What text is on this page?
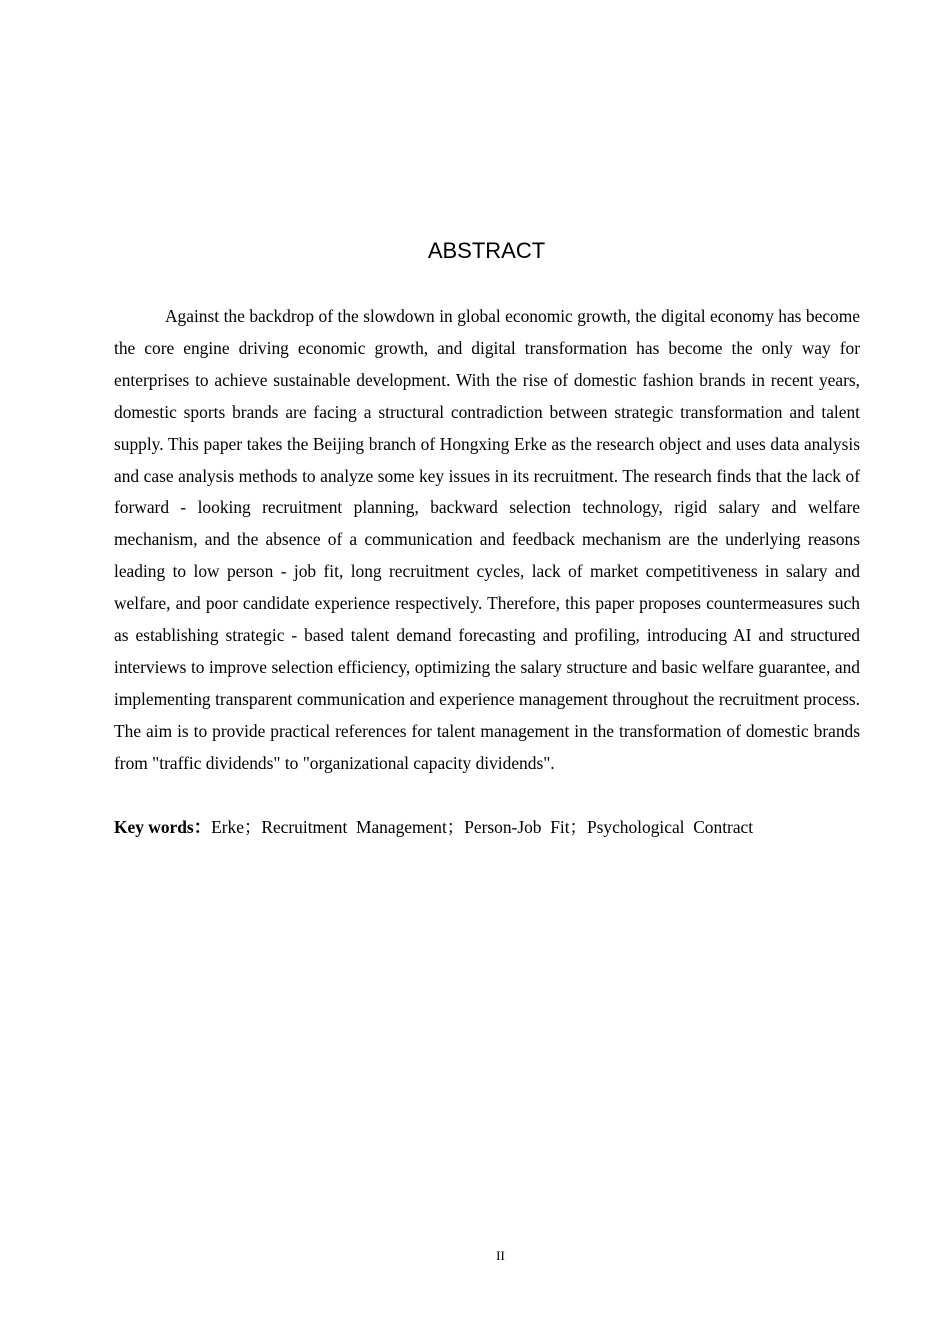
ABSTRACT

Against the backdrop of the slowdown in global economic growth, the digital economy has become the core engine driving economic growth, and digital transformation has become the only way for enterprises to achieve sustainable development. With the rise of domestic fashion brands in recent years, domestic sports brands are facing a structural contradiction between strategic transformation and talent supply. This paper takes the Beijing branch of Hongxing Erke as the research object and uses data analysis and case analysis methods to analyze some key issues in its recruitment. The research finds that the lack of forward - looking recruitment planning, backward selection technology, rigid salary and welfare mechanism, and the absence of a communication and feedback mechanism are the underlying reasons leading to low person - job fit, long recruitment cycles, lack of market competitiveness in salary and welfare, and poor candidate experience respectively. Therefore, this paper proposes countermeasures such as establishing strategic - based talent demand forecasting and profiling, introducing AI and structured interviews to improve selection efficiency, optimizing the salary structure and basic welfare guarantee, and implementing transparent communication and experience management throughout the recruitment process. The aim is to provide practical references for talent management in the transformation of domestic brands from "traffic dividends" to "organizational capacity dividends".

Key words：Erke；Recruitment  Management；Person-Job  Fit；Psychological  Contract

II
